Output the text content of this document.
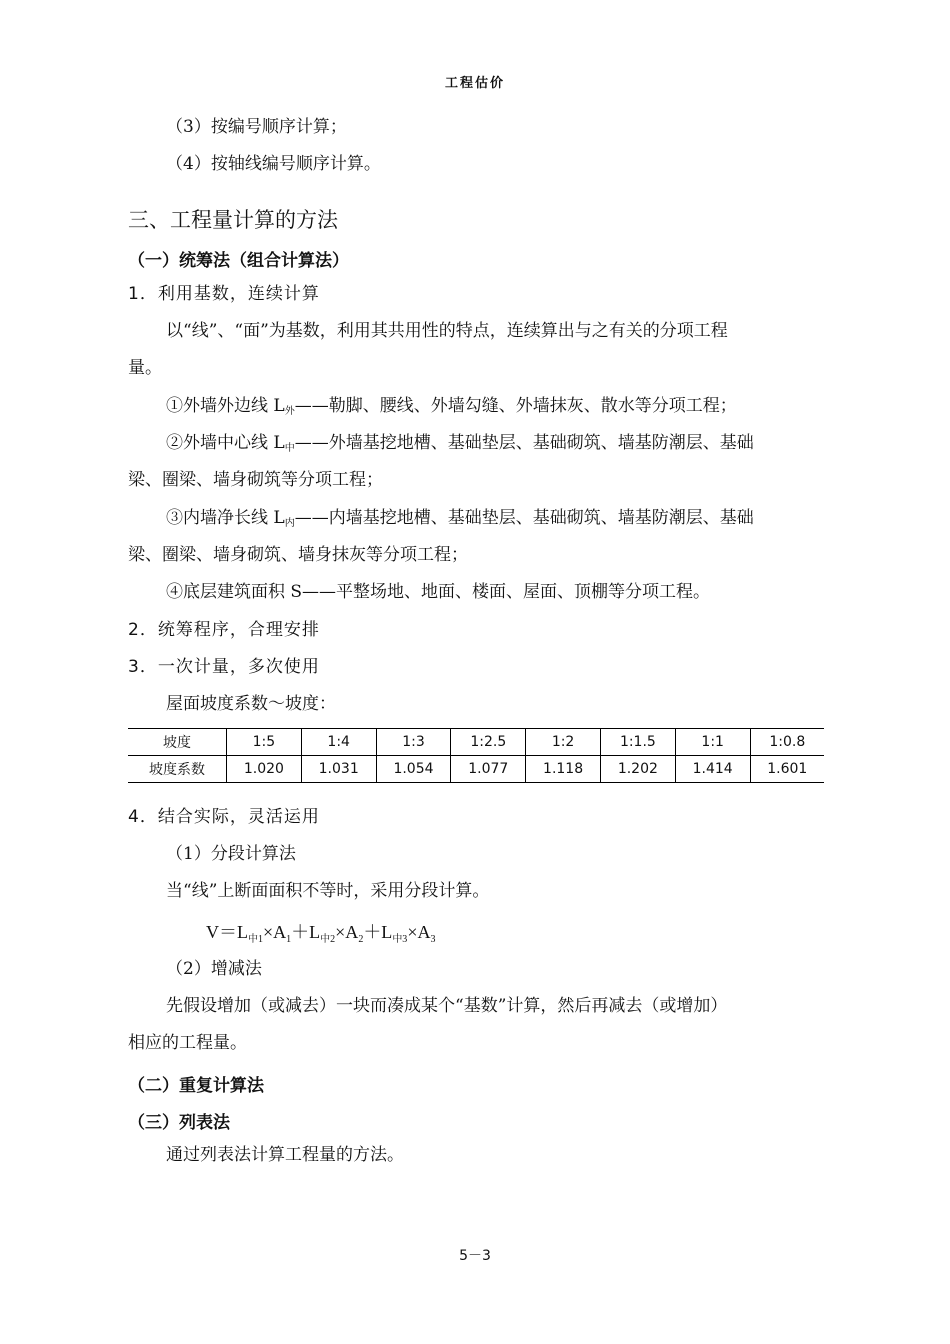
工程估价
（3）按编号顺序计算；
（4）按轴线编号顺序计算。
三、工程量计算的方法
（一）统筹法（组合计算法）
1．利用基数，连续计算
以“线”、“面”为基数，利用其共用性的特点，连续算出与之有关的分项工程
量。
①外墙外边线 $L_外——$勒脚、腰线、外墙勾缝、外墙抹灰、散水等分项工程；
②外墙中心线 $L_中——$外墙基挖地槽、基础垫层、基础砌筑、墙基防潮层、基础
梁、圈梁、墙身砌筑等分项工程；
③内墙净长线 $L_内——$内墙基挖地槽、基础垫层、基础砌筑、墙基防潮层、基础
梁、圈梁、墙身砌筑、墙身抹灰等分项工程；
④底层建筑面积 S——平整场地、地面、楼面、屋面、顶棚等分项工程。
2．统筹程序，合理安排
3．一次计量，多次使用
屋面坡度系数～坡度：
坡度	1:5	1:4	1:3	1:2.5	1:2	1:1.5	1:1	1:0.8
坡度系数	1.020	1.031	1.054	1.077	1.118	1.202	1.414	1.601
4．结合实际，灵活运用
（1）分段计算法
当“线”上断面面积不等时，采用分段计算。
$V=L_{中1}\times A_1+L_{中2}\times A_2+L_{中3}\times A_3$
（2）增减法
先假设增加（或减去）一块而凑成某个“基数”计算，然后再减去（或增加）
相应的工程量。
（二）重复计算法
（三）列表法
通过列表法计算工程量的方法。
5－3
